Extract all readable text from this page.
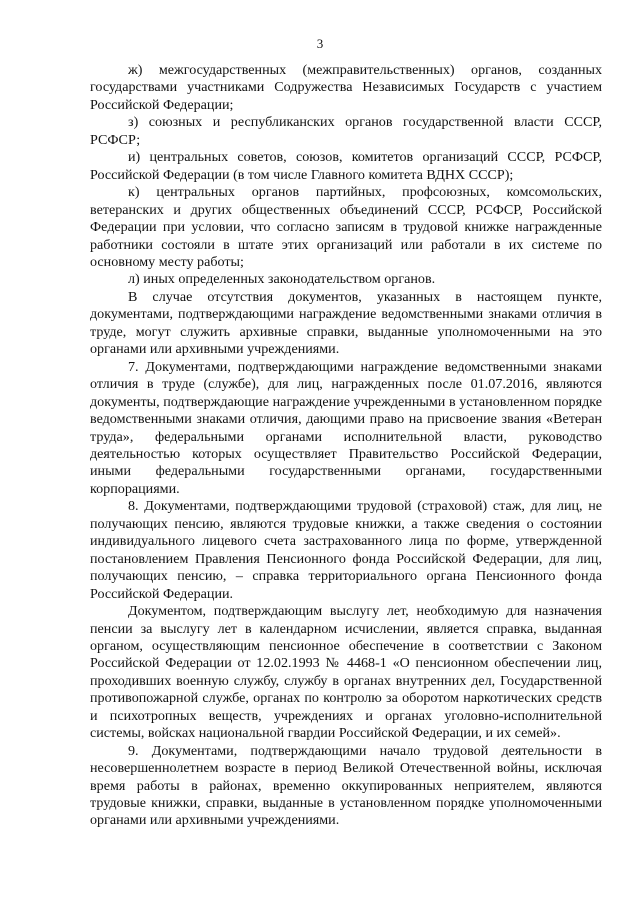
3

ж) межгосударственных (межправительственных) органов, созданных государствами участниками Содружества Независимых Государств с участием Российской Федерации;

з) союзных и республиканских органов государственной власти СССР, РСФСР;

и) центральных советов, союзов, комитетов организаций СССР, РСФСР, Российской Федерации (в том числе Главного комитета ВДНХ СССР);

к) центральных органов партийных, профсоюзных, комсомольских, ветеранских и других общественных объединений СССР, РСФСР, Российской Федерации при условии, что согласно записям в трудовой книжке награжденные работники состояли в штате этих организаций или работали в их системе по основному месту работы;

л) иных определенных законодательством органов.

В случае отсутствия документов, указанных в настоящем пункте, документами, подтверждающими награждение ведомственными знаками отличия в труде, могут служить архивные справки, выданные уполномоченными на это органами или архивными учреждениями.

7. Документами, подтверждающими награждение ведомственными знаками отличия в труде (службе), для лиц, награжденных после 01.07.2016, являются документы, подтверждающие награждение учрежденными в установленном порядке ведомственными знаками отличия, дающими право на присвоение звания «Ветеран труда», федеральными органами исполнительной власти, руководство деятельностью которых осуществляет Правительство Российской Федерации, иными федеральными государственными органами, государственными корпорациями.

8. Документами, подтверждающими трудовой (страховой) стаж, для лиц, не получающих пенсию, являются трудовые книжки, а также сведения о состоянии индивидуального лицевого счета застрахованного лица по форме, утвержденной постановлением Правления Пенсионного фонда Российской Федерации, для лиц, получающих пенсию, – справка территориального органа Пенсионного фонда Российской Федерации.

Документом, подтверждающим выслугу лет, необходимую для назначения пенсии за выслугу лет в календарном исчислении, является справка, выданная органом, осуществляющим пенсионное обеспечение в соответствии с Законом Российской Федерации от 12.02.1993 № 4468-1 «О пенсионном обеспечении лиц, проходивших военную службу, службу в органах внутренних дел, Государственной противопожарной службе, органах по контролю за оборотом наркотических средств и психотропных веществ, учреждениях и органах уголовно-исполнительной системы, войсках национальной гвардии Российской Федерации, и их семей».

9. Документами, подтверждающими начало трудовой деятельности в несовершеннолетнем возрасте в период Великой Отечественной войны, исключая время работы в районах, временно оккупированных неприятелем, являются трудовые книжки, справки, выданные в установленном порядке уполномоченными органами или архивными учреждениями.
